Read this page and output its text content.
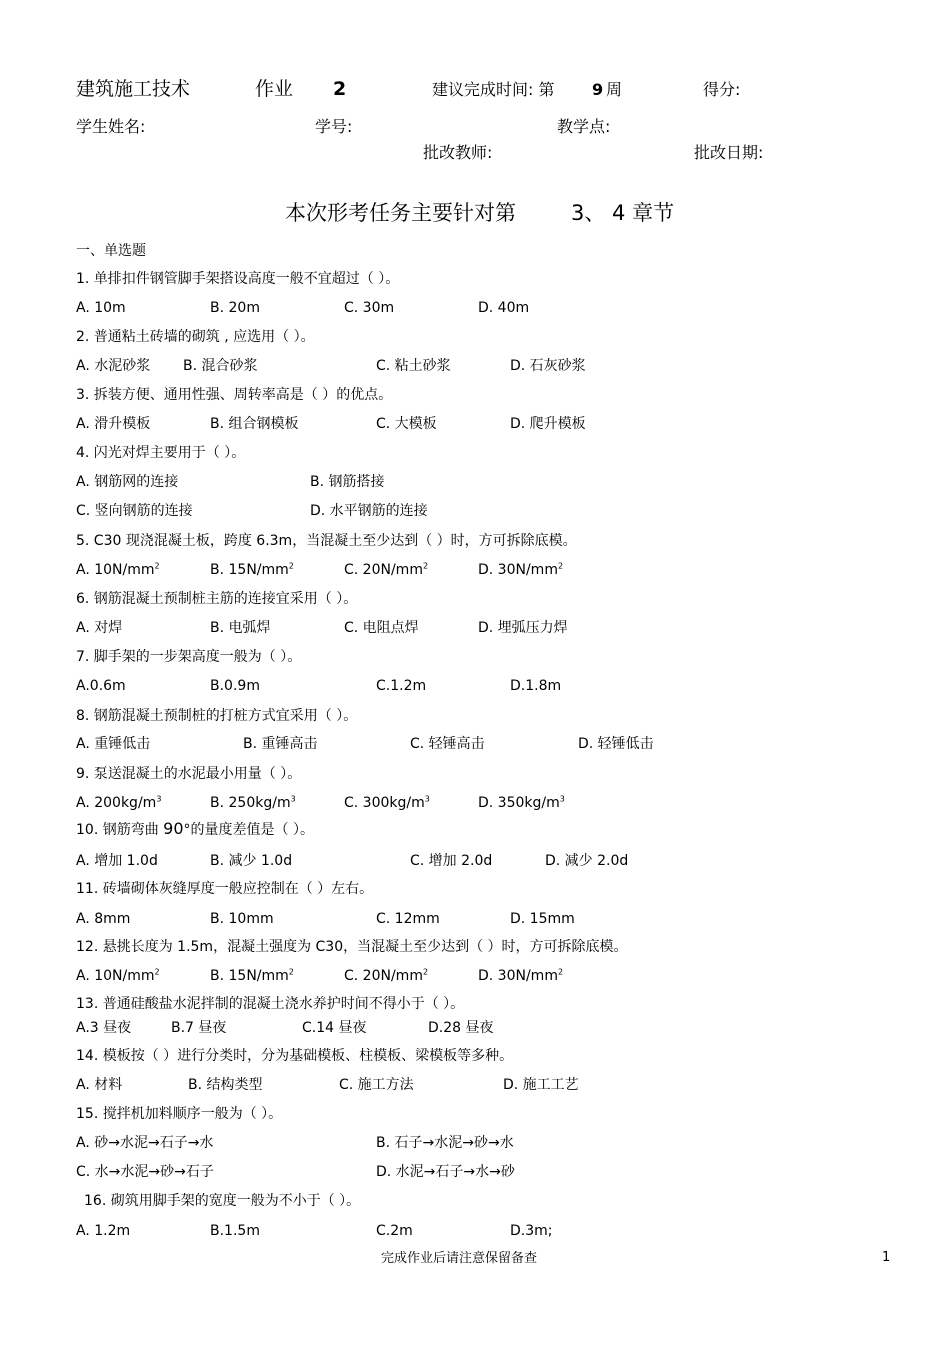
建筑施工技术	作业 2	建议完成时间: 第 9 周	得分:
学生姓名:	学号:	教学点:
批改教师:	批改日期:
本次形考任务主要针对第	3、 4 章节
一、单选题
1. 单排扣件钢管脚手架搭设高度一般不宜超过（ ）。
A. 10m	B. 20m	C. 30m	D. 40m
2. 普通粘土砖墙的砌筑 , 应选用（ ）。
A. 水泥砂浆 B. 混合砂浆	C. 粘土砂浆	D. 石灰砂浆
3. 拆装方便、通用性强、周转率高是（ ）的优点。
A. 滑升模板	B. 组合钢模板	C. 大模板	D. 爬升模板
4. 闪光对焊主要用于（ ）。
A. 钢筋网的连接	B. 钢筋搭接
C. 竖向钢筋的连接	D. 水平钢筋的连接
5. C30 现浇混凝土板，跨度 6.3m，当混凝土至少达到（ ）时，方可拆除底模。
A. $10N/mm^2$	B. $15N/mm^2$	C. $20N/mm^2$	D. $30N/mm^2$
6. 钢筋混凝土预制桩主筋的连接宜采用（ ）。
A. 对焊	B. 电弧焊	C. 电阻点焊	D. 埋弧压力焊
7. 脚手架的一步架高度一般为（ ）。
A.0.6m	B.0.9m	C.1.2m	D.1.8m
8. 钢筋混凝土预制桩的打桩方式宜采用（ ）。
A. 重锤低击	B. 重锤高击	C. 轻锤高击	D. 轻锤低击
9. 泵送混凝土的水泥最小用量（ ）。
A. $200kg/m^3$	B. $250kg/m^3$	C. $300kg/m^3$	D. $350kg/m^3$
10. 钢筋弯曲 90°的量度差值是（ ）。
A. 增加 1.0d	B. 减少 1.0d	C. 增加 2.0d	D. 减少 2.0d
11. 砖墙砌体灰缝厚度一般应控制在（ ）左右。
A. 8mm	B. 10mm	C. 12mm	D. 15mm
12. 悬挑长度为 1.5m，混凝土强度为 C30，当混凝土至少达到（ ）时，方可拆除底模。
A. $10N/mm^2$	B. $15N/mm^2$	C. $20N/mm^2$	D. $30N/mm^2$
13. 普通硅酸盐水泥拌制的混凝土浇水养护时间不得小于（ ）。
A.3 昼夜	B.7 昼夜	C.14 昼夜	D.28 昼夜
14. 模板按（ ）进行分类时，分为基础模板、柱模板、梁模板等多种。
A. 材料	B. 结构类型	C. 施工方法	D. 施工工艺
15. 搅拌机加料顺序一般为（ ）。
A. 砂→水泥→石子→水	B. 石子→水泥→砂→水
C. 水→水泥→砂→石子	D. 水泥→石子→水→砂
16. 砌筑用脚手架的宽度一般为不小于（ ）。
A. 1.2m	B.1.5m	C.2m	D.3m;
完成作业后请注意保留备查	1
